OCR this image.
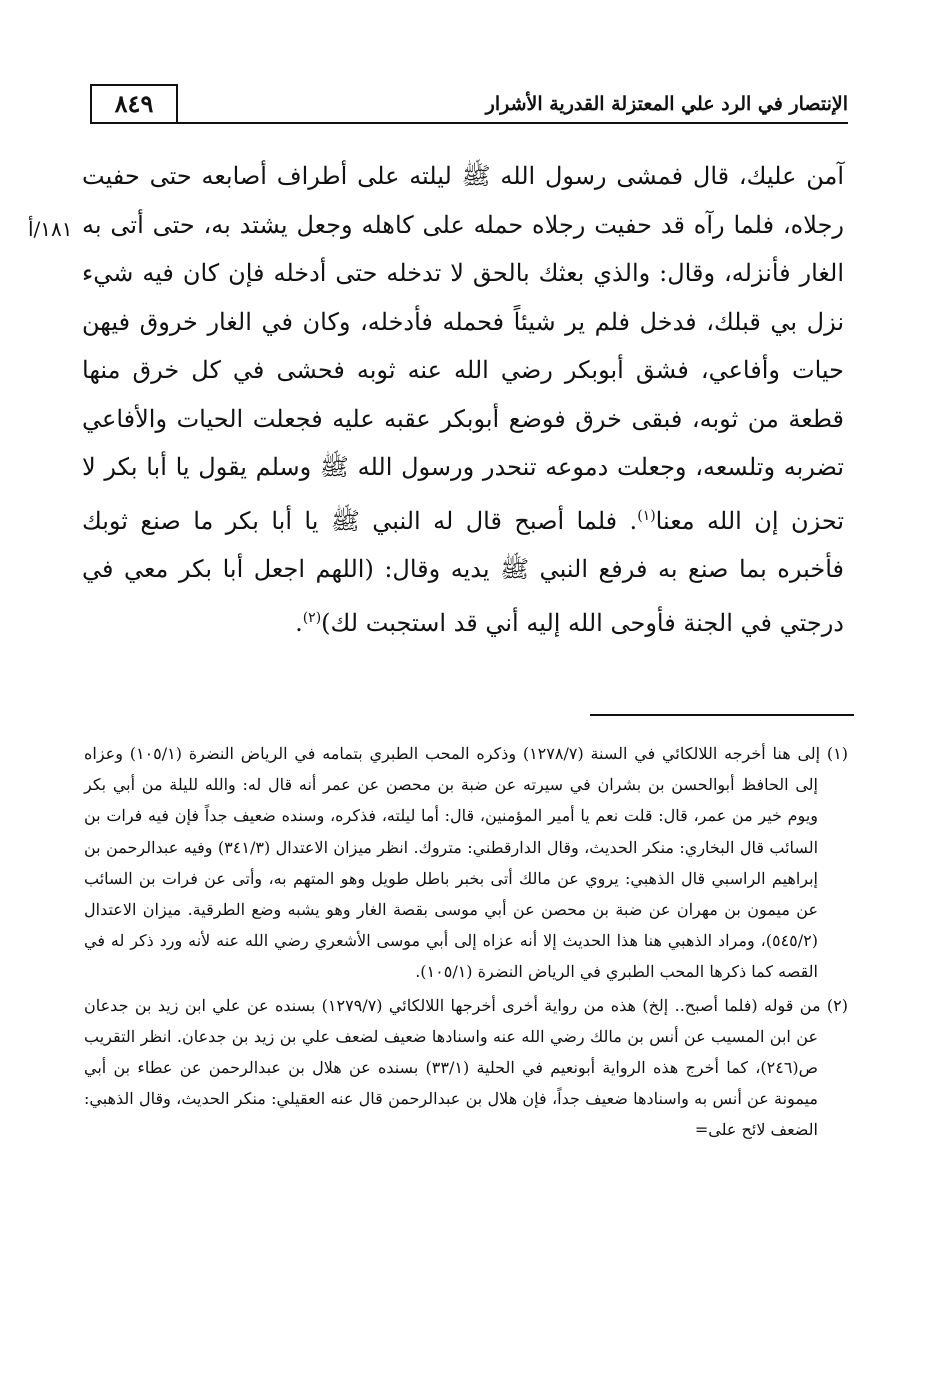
٨٤٩	الإنتصار في الرد علي المعتزلة القدرية الأشرار
١٨١/أ

آمن عليك، قال فمشى رسول الله ﷺ ليلته على أطراف أصابعه حتى حفيت رجلاه، فلما رآه قد حفيت رجلاه حمله على كاهله وجعل يشتد به، حتى أتى به الغار فأنزله، وقال: والذي بعثك بالحق لا تدخله حتى أدخله فإن كان فيه شيء نزل بي قبلك، فدخل فلم ير شيئاً فحمله فأدخله، وكان في الغار خروق فيهن حيات وأفاعي، فشق أبوبكر رضي الله عنه ثوبه فحشى في كل خرق منها قطعة من ثوبه، فبقى خرق فوضع أبوبكر عقبه عليه فجعلت الحيات والأفاعي تضربه وتلسعه، وجعلت دموعه تنحدر ورسول الله ﷺ وسلم يقول يا أبا بكر لا تحزن إن الله معنا$^{(١)}$. فلما أصبح قال له النبي ﷺ يا أبا بكر ما صنع ثوبك فأخبره بما صنع به فرفع النبي ﷺ يديه وقال: (اللهم اجعل أبا بكر معي في درجتي في الجنة فأوحى الله إليه أني قد استجبت لك)$^{(٢)}$.

(١) إلى هنا أخرجه اللالكائي في السنة (١٢٧٨/٧) وذكره المحب الطبري بتمامه في الرياض النضرة (١٠٥/١) وعزاه إلى الحافظ أبوالحسن بن بشران في سيرته عن ضبة بن محصن عن عمر أنه قال له: والله لليلة من أبي بكر ويوم خير من عمر، قال: قلت نعم يا أمير المؤمنين، قال: أما ليلته، فذكره، وسنده ضعيف جداً فإن فيه فرات بن السائب قال البخاري: منكر الحديث، وقال الدارقطني: متروك. انظر ميزان الاعتدال (٣٤١/٣) وفيه عبدالرحمن بن إبراهيم الراسبي قال الذهبي: يروي عن مالك أتى بخبر باطل طويل وهو المتهم به، وأتى عن فرات بن السائب عن ميمون بن مهران عن ضبة بن محصن عن أبي موسى بقصة الغار وهو يشبه وضع الطرقية. ميزان الاعتدال (٥٤٥/٢)، ومراد الذهبي هنا هذا الحديث إلا أنه عزاه إلى أبي موسى الأشعري رضي الله عنه لأنه ورد ذكر له في القصه كما ذكرها المحب الطبري في الرياض النضرة (١٠٥/١).

(٢) من قوله (فلما أصبح.. إلخ) هذه من رواية أخرى أخرجها اللالكائي (١٢٧٩/٧) بسنده عن علي ابن زيد بن جدعان عن ابن المسيب عن أنس بن مالك رضي الله عنه واسنادها ضعيف لضعف علي بن زيد بن جدعان. انظر التقريب ص(٢٤٦)، كما أخرج هذه الرواية أبونعيم في الحلية (٣٣/١) بسنده عن هلال بن عبدالرحمن عن عطاء بن أبي ميمونة عن أنس به واسنادها ضعيف جداً، فإن هلال بن عبدالرحمن قال عنه العقيلي: منكر الحديث، وقال الذهبي: الضعف لائح على=
